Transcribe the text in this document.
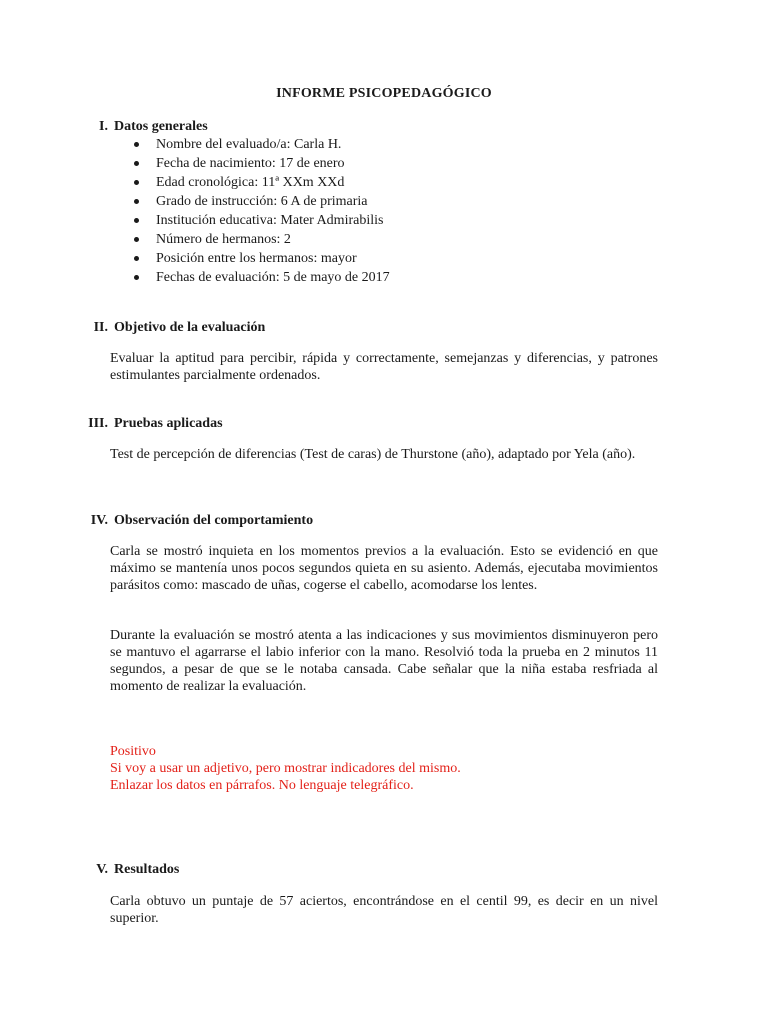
INFORME PSICOPEDAGÓGICO
I. Datos generales
Nombre del evaluado/a: Carla H.
Fecha de nacimiento: 17 de enero
Edad cronológica: 11ª XXm XXd
Grado de instrucción: 6 A de primaria
Institución educativa: Mater Admirabilis
Número de hermanos: 2
Posición entre los hermanos: mayor
Fechas de evaluación: 5 de mayo de 2017
II. Objetivo de la evaluación

Evaluar la aptitud para percibir, rápida y correctamente, semejanzas y diferencias, y patrones estimulantes parcialmente ordenados.

III. Pruebas aplicadas

Test de percepción de diferencias (Test de caras) de Thurstone (año), adaptado por Yela (año).

IV. Observación del comportamiento

Carla se mostró inquieta en los momentos previos a la evaluación. Esto se evidenció en que máximo se mantenía unos pocos segundos quieta en su asiento. Además, ejecutaba movimientos parásitos como: mascado de uñas, cogerse el cabello, acomodarse los lentes.

Durante la evaluación se mostró atenta a las indicaciones y sus movimientos disminuyeron pero se mantuvo el agarrarse el labio inferior con la mano. Resolvió toda la prueba en 2 minutos 11 segundos, a pesar de que se le notaba cansada. Cabe señalar que la niña estaba resfriada al momento de realizar la evaluación.

Positivo
Si voy a usar un adjetivo, pero mostrar indicadores del mismo.
Enlazar los datos en párrafos. No lenguaje telegráfico.
V. Resultados

Carla obtuvo un puntaje de 57 aciertos, encontrándose en el centil 99, es decir en un nivel superior.
